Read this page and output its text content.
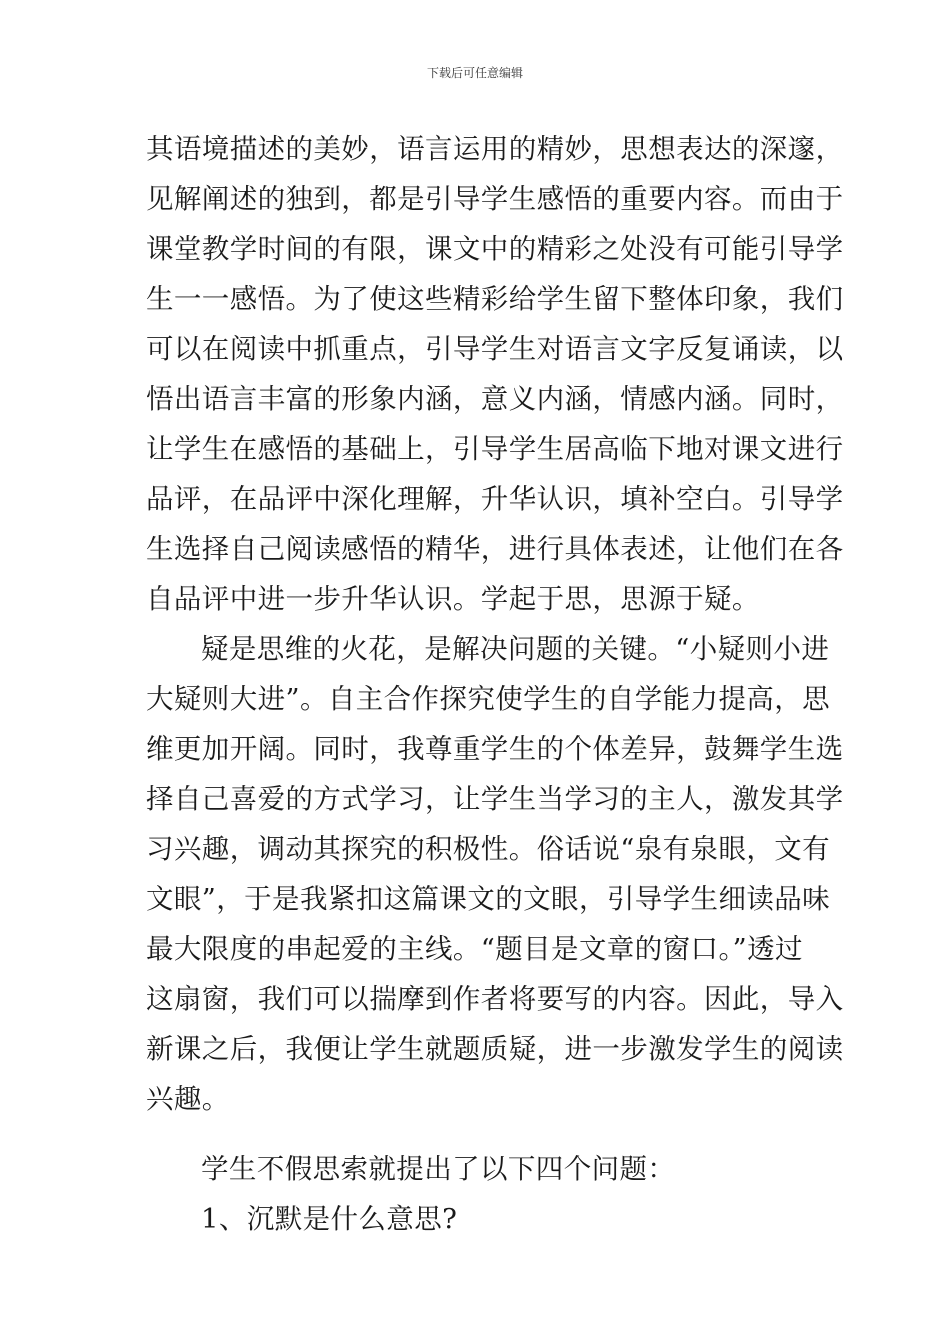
下载后可任意编辑
其语境描述的美妙，语言运用的精妙，思想表达的深邃，
见解阐述的独到，都是引导学生感悟的重要内容。而由于
课堂教学时间的有限，课文中的精彩之处没有可能引导学
生一一感悟。为了使这些精彩给学生留下整体印象，我们
可以在阅读中抓重点，引导学生对语言文字反复诵读，以
悟出语言丰富的形象内涵，意义内涵，情感内涵。同时，
让学生在感悟的基础上，引导学生居高临下地对课文进行
品评，在品评中深化理解，升华认识，填补空白。引导学
生选择自己阅读感悟的精华，进行具体表述，让他们在各
自品评中进一步升华认识。学起于思，思源于疑。
疑是思维的火花，是解决问题的关键。“小疑则小进
大疑则大进”。自主合作探究使学生的自学能力提高，思
维更加开阔。同时，我尊重学生的个体差异，鼓舞学生选
择自己喜爱的方式学习，让学生当学习的主人，激发其学
习兴趣，调动其探究的积极性。俗话说“泉有泉眼，文有
文眼”，于是我紧扣这篇课文的文眼，引导学生细读品味
最大限度的串起爱的主线。“题目是文章的窗口。”透过
这扇窗，我们可以揣摩到作者将要写的内容。因此，导入
新课之后，我便让学生就题质疑，进一步激发学生的阅读
兴趣。
学生不假思索就提出了以下四个问题：
1、沉默是什么意思?
